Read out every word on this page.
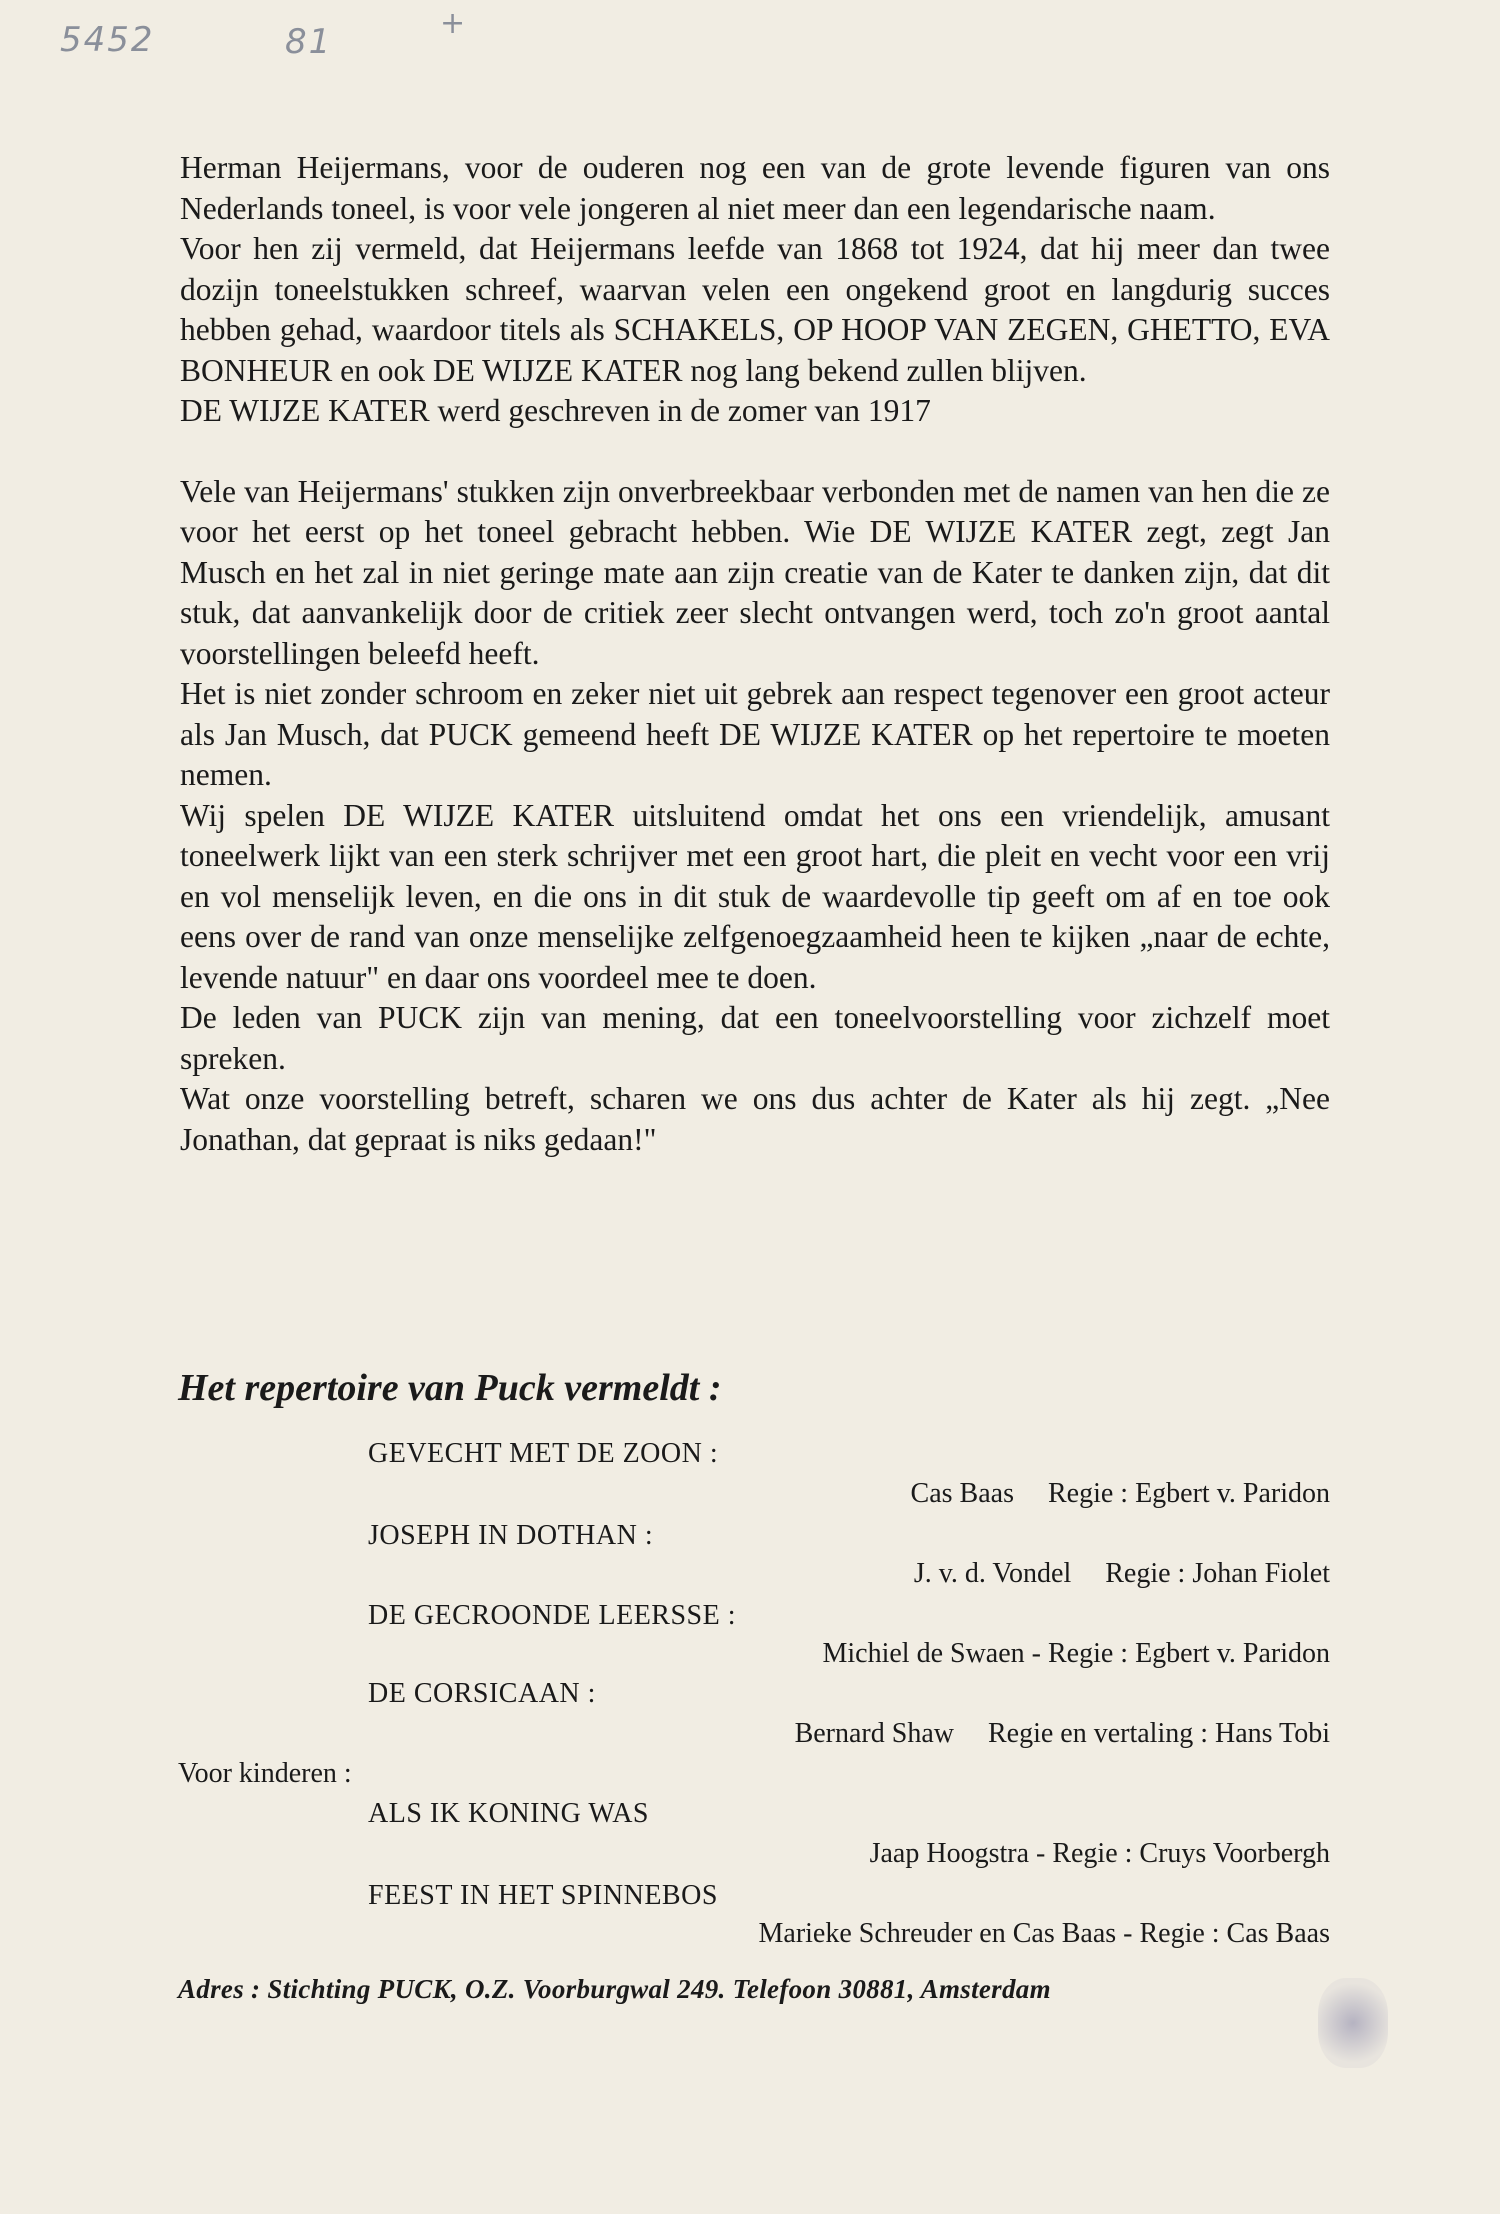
5452	81	+

Herman Heijermans, voor de ouderen nog een van de grote levende figuren van ons Nederlands toneel, is voor vele jongeren al niet meer dan een legendarische naam.

Voor hen zij vermeld, dat Heijermans leefde van 1868 tot 1924, dat hij meer dan twee dozijn toneelstukken schreef, waarvan velen een ongekend groot en langdurig succes hebben gehad, waardoor titels als SCHAKELS, OP HOOP VAN ZEGEN, GHETTO, EVA BONHEUR en ook DE WIJZE KATER nog lang bekend zullen blijven.

DE WIJZE KATER werd geschreven in de zomer van 1917

Vele van Heijermans' stukken zijn onverbreekbaar verbonden met de namen van hen die ze voor het eerst op het toneel gebracht hebben. Wie DE WIJZE KATER zegt, zegt Jan Musch en het zal in niet geringe mate aan zijn creatie van de Kater te danken zijn, dat dit stuk, dat aanvankelijk door de critiek zeer slecht ontvangen werd, toch zo'n groot aantal voorstellingen beleefd heeft.

Het is niet zonder schroom en zeker niet uit gebrek aan respect tegenover een groot acteur als Jan Musch, dat PUCK gemeend heeft DE WIJZE KATER op het repertoire te moeten nemen.

Wij spelen DE WIJZE KATER uitsluitend omdat het ons een vriendelijk, amusant toneelwerk lijkt van een sterk schrijver met een groot hart, die pleit en vecht voor een vrij en vol menselijk leven, en die ons in dit stuk de waardevolle tip geeft om af en toe ook eens over de rand van onze menselijke zelfgenoegzaamheid heen te kijken „naar de echte, levende natuur" en daar ons voordeel mee te doen.

De leden van PUCK zijn van mening, dat een toneelvoorstelling voor zichzelf moet spreken.

Wat onze voorstelling betreft, scharen we ons dus achter de Kater als hij zegt. „Nee Jonathan, dat gepraat is niks gedaan!"

Het repertoire van Puck vermeldt :
GEVECHT MET DE ZOON :
Cas Baas Regie : Egbert v. Paridon
JOSEPH IN DOTHAN :
J. v. d. Vondel Regie : Johan Fiolet
DE GECROONDE LEERSSE :
Michiel de Swaen - Regie : Egbert v. Paridon
DE CORSICAAN :
Bernard Shaw Regie en vertaling : Hans Tobi
Voor kinderen :
ALS IK KONING WAS
Jaap Hoogstra - Regie : Cruys Voorbergh
FEEST IN HET SPINNEBOS
Marieke Schreuder en Cas Baas - Regie : Cas Baas
Adres : Stichting PUCK, O.Z. Voorburgwal 249. Telefoon 30881, Amsterdam
